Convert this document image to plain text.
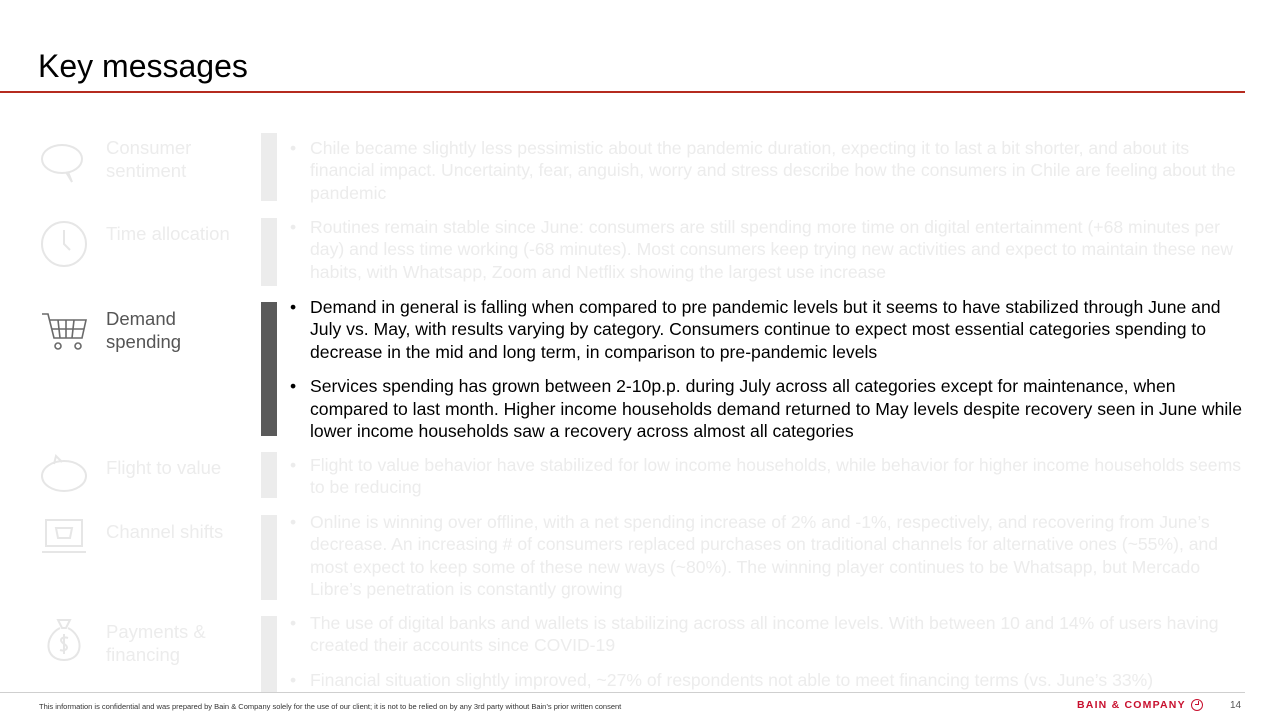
Key messages
Consumer sentiment
• Chile became slightly less pessimistic about the pandemic duration, expecting it to last a bit shorter, and about its financial impact. Uncertainty, fear, anguish, worry and stress describe how the consumers in Chile are feeling about the pandemic
Time allocation	• Routines remain stable since June: consumers are still spending more time on digital entertainment (+68 minutes per day) and less time working (-68 minutes). Most consumers keep trying new activities and expect to maintain these new habits, with Whatsapp, Zoom and Netflix showing the largest use increase
Demand spending
• Demand in general is falling when compared to pre pandemic levels but it seems to have stabilized through June and July vs. May, with results varying by category. Consumers continue to expect most essential categories spending to decrease in the mid and long term, in comparison to pre-pandemic levels
• Services spending has grown between 2-10p.p. during July across all categories except for maintenance, when compared to last month. Higher income households demand returned to May levels despite recovery seen in June while lower income households saw a recovery across almost all categories
Flight to value	• Flight to value behavior have stabilized for low income households, while behavior for higher income households seems to be reducing
Channel shifts	• Online is winning over offline, with a net spending increase of 2% and -1%, respectively, and recovering from June’s decrease. An increasing # of consumers replaced purchases on traditional channels for alternative ones (~55%), and most expect to keep some of these new ways (~80%). The winning player continues to be Whatsapp, but Mercado Libre’s penetration is constantly growing
Payments & financing
• The use of digital banks and wallets is stabilizing across all income levels. With between 10 and 14% of users having created their accounts since COVID-19
• Financial situation slightly improved, ~27% of respondents not able to meet financing terms (vs. June’s 33%)
This information is confidential and was prepared by Bain & Company solely for the use of our client; it is not to be relied on by any 3rd party without Bain’s prior written consent	BAIN & COMPANY	14
